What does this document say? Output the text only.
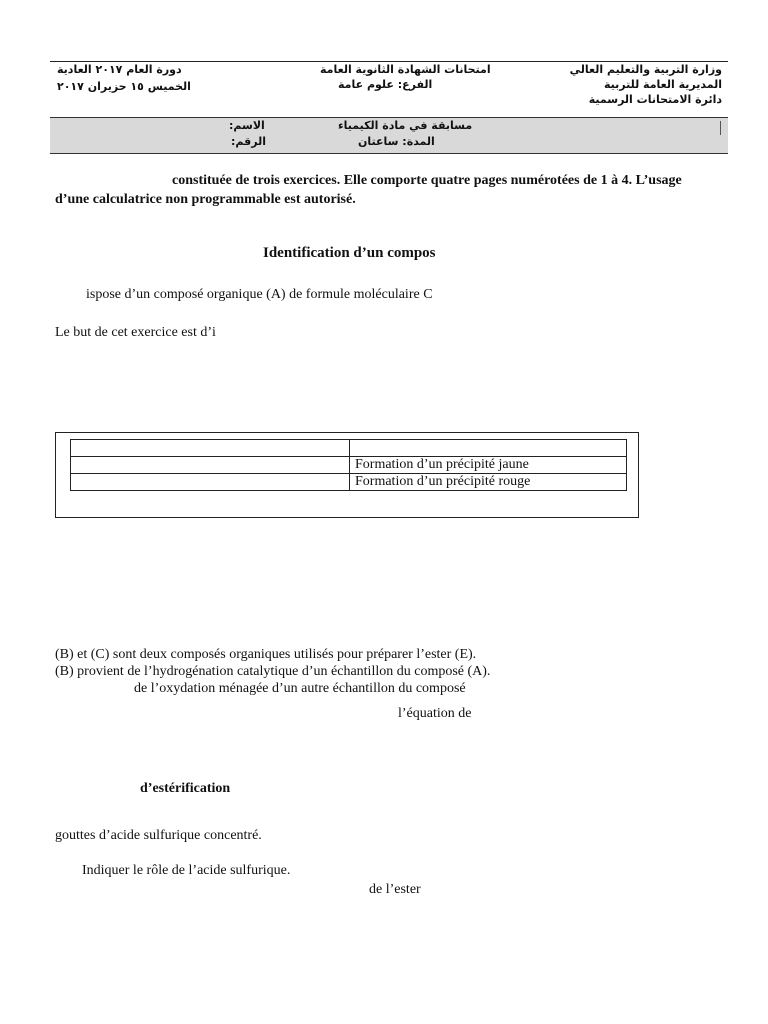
وزارة التربية والتعليم العالي
المديرية العامة للتربية
دائرة الامتحانات الرسمية
امتحانات الشهادة الثانوية العامة
الفرع: علوم عامة
دورة العام ٢٠١٧ العادية
الخميس ١٥ حزيران ٢٠١٧
مسابقة في مادة الكيمياء
المدة: ساعتان
الاسم:
الرقم:
constituée de trois exercices. Elle comporte quatre pages numérotées de 1 à 4. L’usage
d’une calculatrice non programmable est autorisé.
Identification d’un compos
ispose d’un composé organique (A) de formule moléculaire C
Le but de cet exercice est d’i

	Formation d’un précipité jaune
	Formation d’un précipité rouge
(B) et (C) sont deux composés organiques utilisés pour préparer l’ester (E).
(B) provient de l’hydrogénation catalytique d’un échantillon du composé (A).
de l’oxydation ménagée d’un autre échantillon du composé
l’équation de
d’estérification
gouttes d’acide sulfurique concentré.
Indiquer le rôle de l’acide sulfurique.
de l’ester
